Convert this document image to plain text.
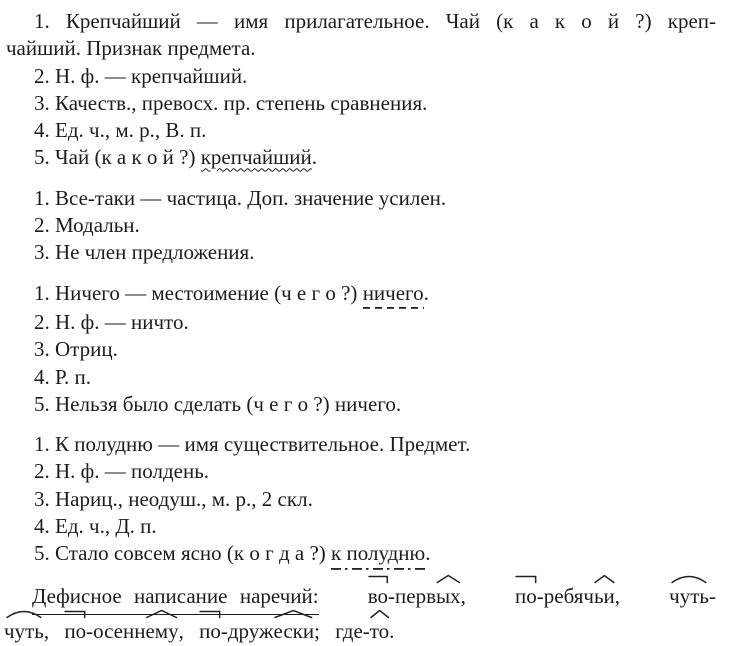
1. Крепчайший — имя прилагательное. Чай (к а к о й ?) креп-

чайший. Признак предмета.

2. Н. ф. — крепчайший.

3. Качеств., превосх. пр. степень сравнения.

4. Ед. ч., м. р., В. п.

5. Чай (к а к о й ?) крепчайший.

1. Все-таки — частица. Доп. значение усилен.

2. Модальн.

3. Не член предложения.

1. Ничего — местоимение (ч е г о ?) ничего.

2. Н. ф. — ничто.

3. Отриц.

4. Р. п.

5. Нельзя было сделать (ч е г о ?) ничего.

1. К полудню — имя существительное. Предмет.

2. Н. ф. — полдень.

3. Нариц., неодуш., м. р., 2 скл.

4. Ед. ч., Д. п.

5. Стало совсем ясно (к о г д а ?) к полудню.

Дефисное написание наречий: во-перв
ых, по-ребяч
ьи, чуть-

чуть, по-осенн
ему, по-друж
ески; где-
то.
